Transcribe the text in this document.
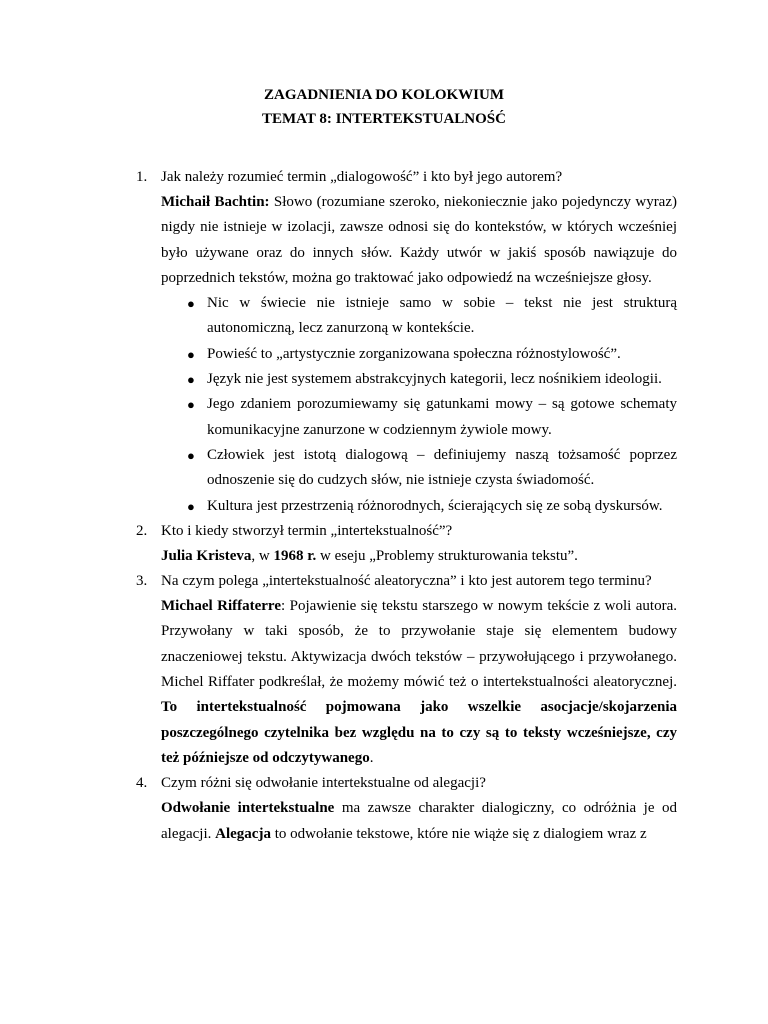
ZAGADNIENIA DO KOLOKWIUM
TEMAT 8: INTERTEKSTUALNOŚĆ
1. Jak należy rozumieć termin „dialogowość” i kto był jego autorem?
Michaił Bachtin: Słowo (rozumiane szeroko, niekoniecznie jako pojedynczy wyraz) nigdy nie istnieje w izolacji, zawsze odnosi się do kontekstów, w których wcześniej było używane oraz do innych słów. Każdy utwór w jakiś sposób nawiązuje do poprzednich tekstów, można go traktować jako odpowiedź na wcześniejsze głosy.
● Nic w świecie nie istnieje samo w sobie – tekst nie jest strukturą autonomiczną, lecz zanurzoną w kontekście.
● Powieść to „artystycznie zorganizowana społeczna różnostylowość”.
● Język nie jest systemem abstrakcyjnych kategorii, lecz nośnikiem ideologii.
● Jego zdaniem porozumiewamy się gatunkami mowy – są gotowe schematy komunikacyjne zanurzone w codziennym żywiole mowy.
● Człowiek jest istotą dialogową – definiujemy naszą tożsamość poprzez odnoszenie się do cudzych słów, nie istnieje czysta świadomość.
● Kultura jest przestrzenią różnorodnych, ścierających się ze sobą dyskursów.
2. Kto i kiedy stworzył termin „intertekstualność”?
Julia Kristeva, w 1968 r. w eseju „Problemy strukturowania tekstu”.
3. Na czym polega „intertekstualność aleatoryczna” i kto jest autorem tego terminu?
Michael Riffaterre: Pojawienie się tekstu starszego w nowym tekście z woli autora. Przywołany w taki sposób, że to przywołanie staje się elementem budowy znaczeniowej tekstu. Aktywizacja dwóch tekstów – przywołującego i przywołanego. Michel Riffater podkreślał, że możemy mówić też o intertekstualności aleatorycznej. To intertekstualność pojmowana jako wszelkie asocjacje/skojarzenia poszczególnego czytelnika bez względu na to czy są to teksty wcześniejsze, czy też późniejsze od odczytywanego.
4. Czym różni się odwołanie intertekstualne od alegacji?
Odwołanie intertekstualne ma zawsze charakter dialogiczny, co odróżnia je od alegacji. Alegacja to odwołanie tekstowe, które nie wiąże się z dialogiem wraz z
